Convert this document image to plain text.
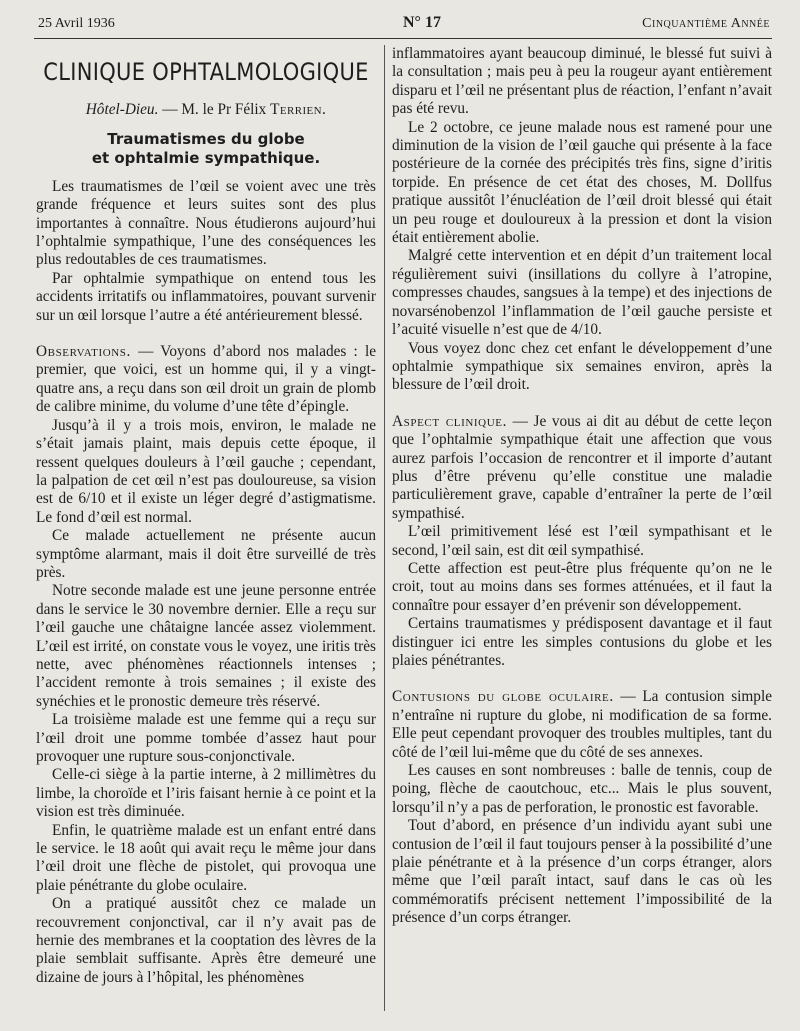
25 Avril 1936	N° 17	Cinquantième Année
CLINIQUE OPHTALMOLOGIQUE
Hôtel-Dieu. — M. le Pr Félix Terrien.
Traumatismes du globe
et ophtalmie sympathique.

Les traumatismes de l’œil se voient avec une très grande fréquence et leurs suites sont des plus importantes à connaître. Nous étudierons aujourd’hui l’ophtalmie sympathique, l’une des conséquences les plus redoutables de ces traumatismes.

Par ophtalmie sympathique on entend tous les accidents irritatifs ou inflammatoires, pouvant survenir sur un œil lorsque l’autre a été antérieurement blessé.

Observations. — Voyons d’abord nos malades : le premier, que voici, est un homme qui, il y a vingt-quatre ans, a reçu dans son œil droit un grain de plomb de calibre minime, du volume d’une tête d’épingle.

Jusqu’à il y a trois mois, environ, le malade ne s’était jamais plaint, mais depuis cette époque, il ressent quelques douleurs à l’œil gauche ; cependant, la palpation de cet œil n’est pas douloureuse, sa vision est de 6/10 et il existe un léger degré d’astigmatisme. Le fond d’œil est normal.

Ce malade actuellement ne présente aucun symptôme alarmant, mais il doit être surveillé de très près.

Notre seconde malade est une jeune personne entrée dans le service le 30 novembre dernier. Elle a reçu sur l’œil gauche une châtaigne lancée assez violemment. L’œil est irrité, on constate vous le voyez, une iritis très nette, avec phénomènes réactionnels intenses ; l’accident remonte à trois semaines ; il existe des synéchies et le pronostic demeure très réservé.

La troisième malade est une femme qui a reçu sur l’œil droit une pomme tombée d’assez haut pour provoquer une rupture sous-conjonctivale.

Celle-ci siège à la partie interne, à 2 millimètres du limbe, la choroïde et l’iris faisant hernie à ce point et la vision est très diminuée.

Enfin, le quatrième malade est un enfant entré dans le service. le 18 août qui avait reçu le même jour dans l’œil droit une flèche de pistolet, qui provoqua une plaie pénétrante du globe oculaire.

On a pratiqué aussitôt chez ce malade un recouvrement conjonctival, car il n’y avait pas de hernie des membranes et la cooptation des lèvres de la plaie semblait suffisante. Après être demeuré une dizaine de jours à l’hôpital, les phénomènes

inflammatoires ayant beaucoup diminué, le blessé fut suivi à la consultation ; mais peu à peu la rougeur ayant entièrement disparu et l’œil ne présentant plus de réaction, l’enfant n’avait pas été revu.

Le 2 octobre, ce jeune malade nous est ramené pour une diminution de la vision de l’œil gauche qui présente à la face postérieure de la cornée des précipités très fins, signe d’iritis torpide. En présence de cet état des choses, M. Dollfus pratique aussitôt l’énucléation de l’œil droit blessé qui était un peu rouge et douloureux à la pression et dont la vision était entièrement abolie.

Malgré cette intervention et en dépit d’un traitement local régulièrement suivi (insillations du collyre à l’atropine, compresses chaudes, sangsues à la tempe) et des injections de novarsénobenzol l’inflammation de l’œil gauche persiste et l’acuité visuelle n’est que de 4/10.

Vous voyez donc chez cet enfant le développement d’une ophtalmie sympathique six semaines environ, après la blessure de l’œil droit.

Aspect clinique. — Je vous ai dit au début de cette leçon que l’ophtalmie sympathique était une affection que vous aurez parfois l’occasion de rencontrer et il importe d’autant plus d’être prévenu qu’elle constitue une maladie particulièrement grave, capable d’entraîner la perte de l’œil sympathisé.

L’œil primitivement lésé est l’œil sympathisant et le second, l’œil sain, est dit œil sympathisé.

Cette affection est peut-être plus fréquente qu’on ne le croit, tout au moins dans ses formes atténuées, et il faut la connaître pour essayer d’en prévenir son développement.

Certains traumatismes y prédisposent davantage et il faut distinguer ici entre les simples contusions du globe et les plaies pénétrantes.

Contusions du globe oculaire. — La contusion simple n’entraîne ni rupture du globe, ni modification de sa forme. Elle peut cependant provoquer des troubles multiples, tant du côté de l’œil lui-même que du côté de ses annexes.

Les causes en sont nombreuses : balle de tennis, coup de poing, flèche de caoutchouc, etc... Mais le plus souvent, lorsqu’il n’y a pas de perforation, le pronostic est favorable.

Tout d’abord, en présence d’un individu ayant subi une contusion de l’œil il faut toujours penser à la possibilité d’une plaie pénétrante et à la présence d’un corps étranger, alors même que l’œil paraît intact, sauf dans le cas où les commémoratifs précisent nettement l’impossibilité de la présence d’un corps étranger.
